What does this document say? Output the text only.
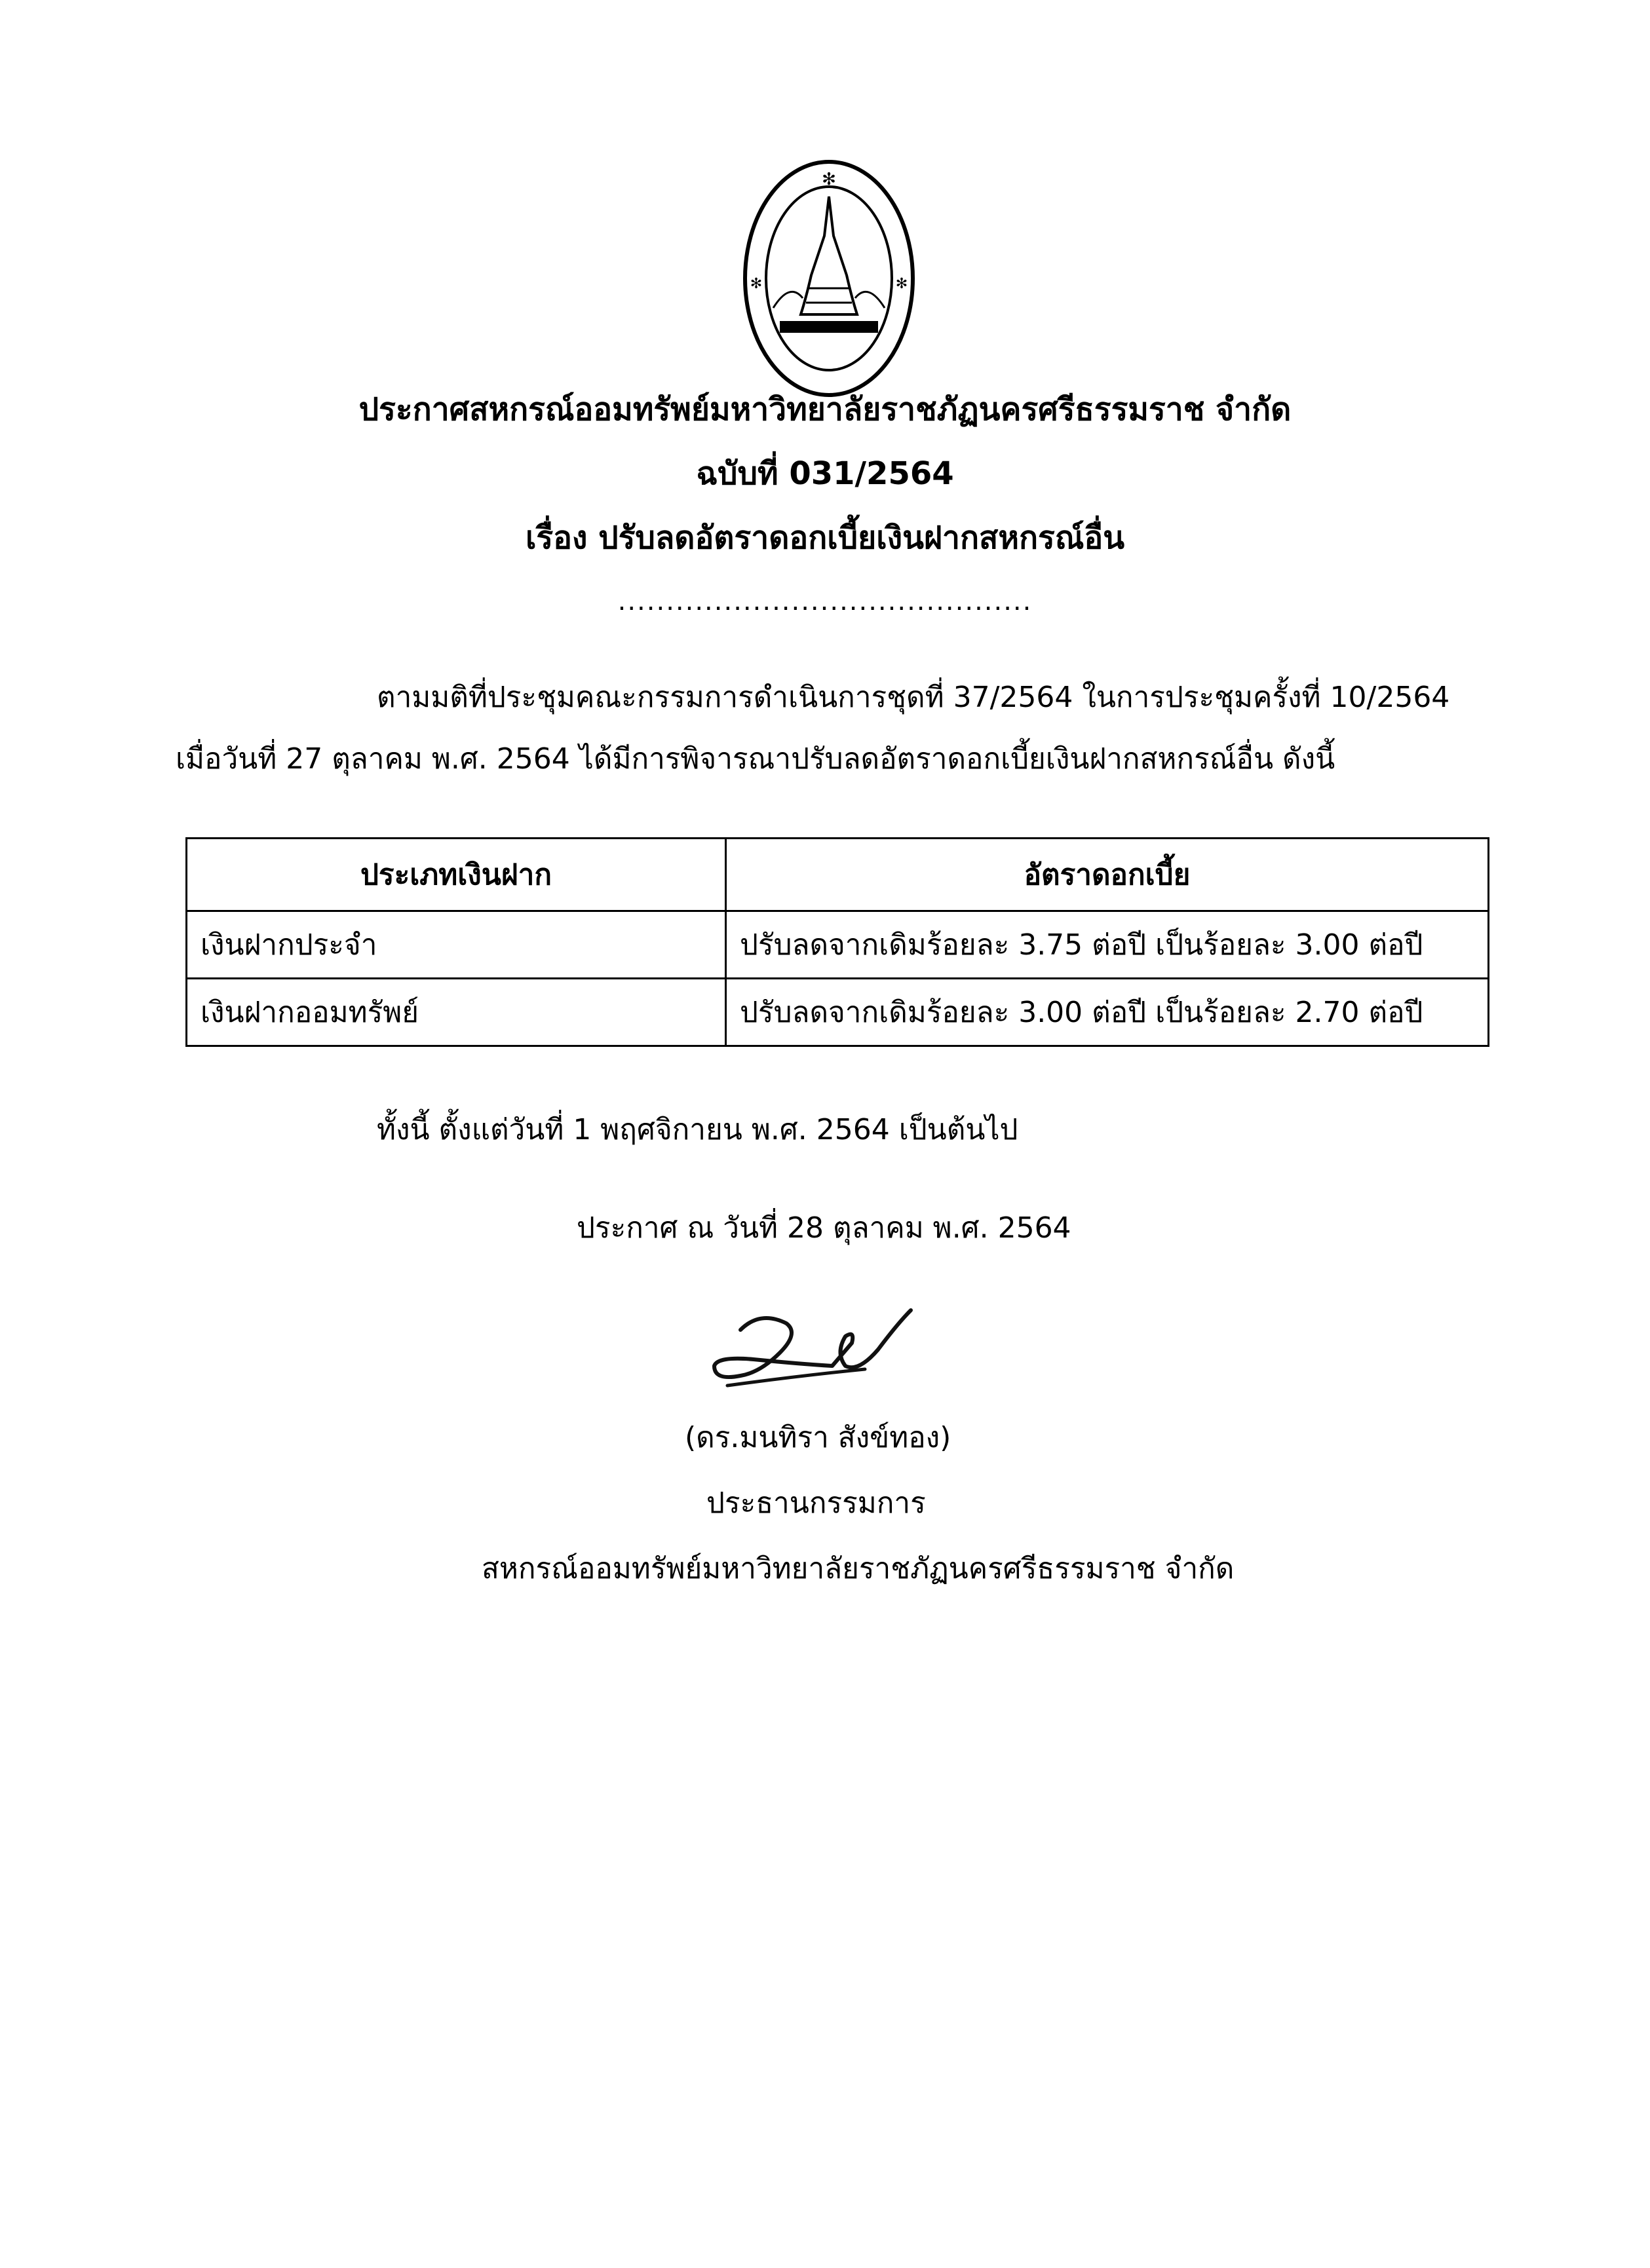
✻
✻	✻
ประกาศสหกรณ์ออมทรัพย์มหาวิทยาลัยราชภัฏนครศรีธรรมราช จำกัด
ฉบับที่ 031/2564
เรื่อง ปรับลดอัตราดอกเบี้ยเงินฝากสหกรณ์อื่น
...........................................
ตามมติที่ประชุมคณะกรรมการดำเนินการชุดที่ 37/2564 ในการประชุมครั้งที่ 10/2564
เมื่อวันที่ 27 ตุลาคม พ.ศ. 2564 ได้มีการพิจารณาปรับลดอัตราดอกเบี้ยเงินฝากสหกรณ์อื่น ดังนี้
ประเภทเงินฝาก	อัตราดอกเบี้ย
เงินฝากประจำ	ปรับลดจากเดิมร้อยละ 3.75 ต่อปี เป็นร้อยละ 3.00 ต่อปี
เงินฝากออมทรัพย์	ปรับลดจากเดิมร้อยละ 3.00 ต่อปี เป็นร้อยละ 2.70 ต่อปี
ทั้งนี้ ตั้งแต่วันที่ 1 พฤศจิกายน พ.ศ. 2564 เป็นต้นไป
ประกาศ ณ วันที่ 28 ตุลาคม พ.ศ. 2564
(ดร.มนทิรา สังข์ทอง)
ประธานกรรมการ
สหกรณ์ออมทรัพย์มหาวิทยาลัยราชภัฏนครศรีธรรมราช จำกัด
